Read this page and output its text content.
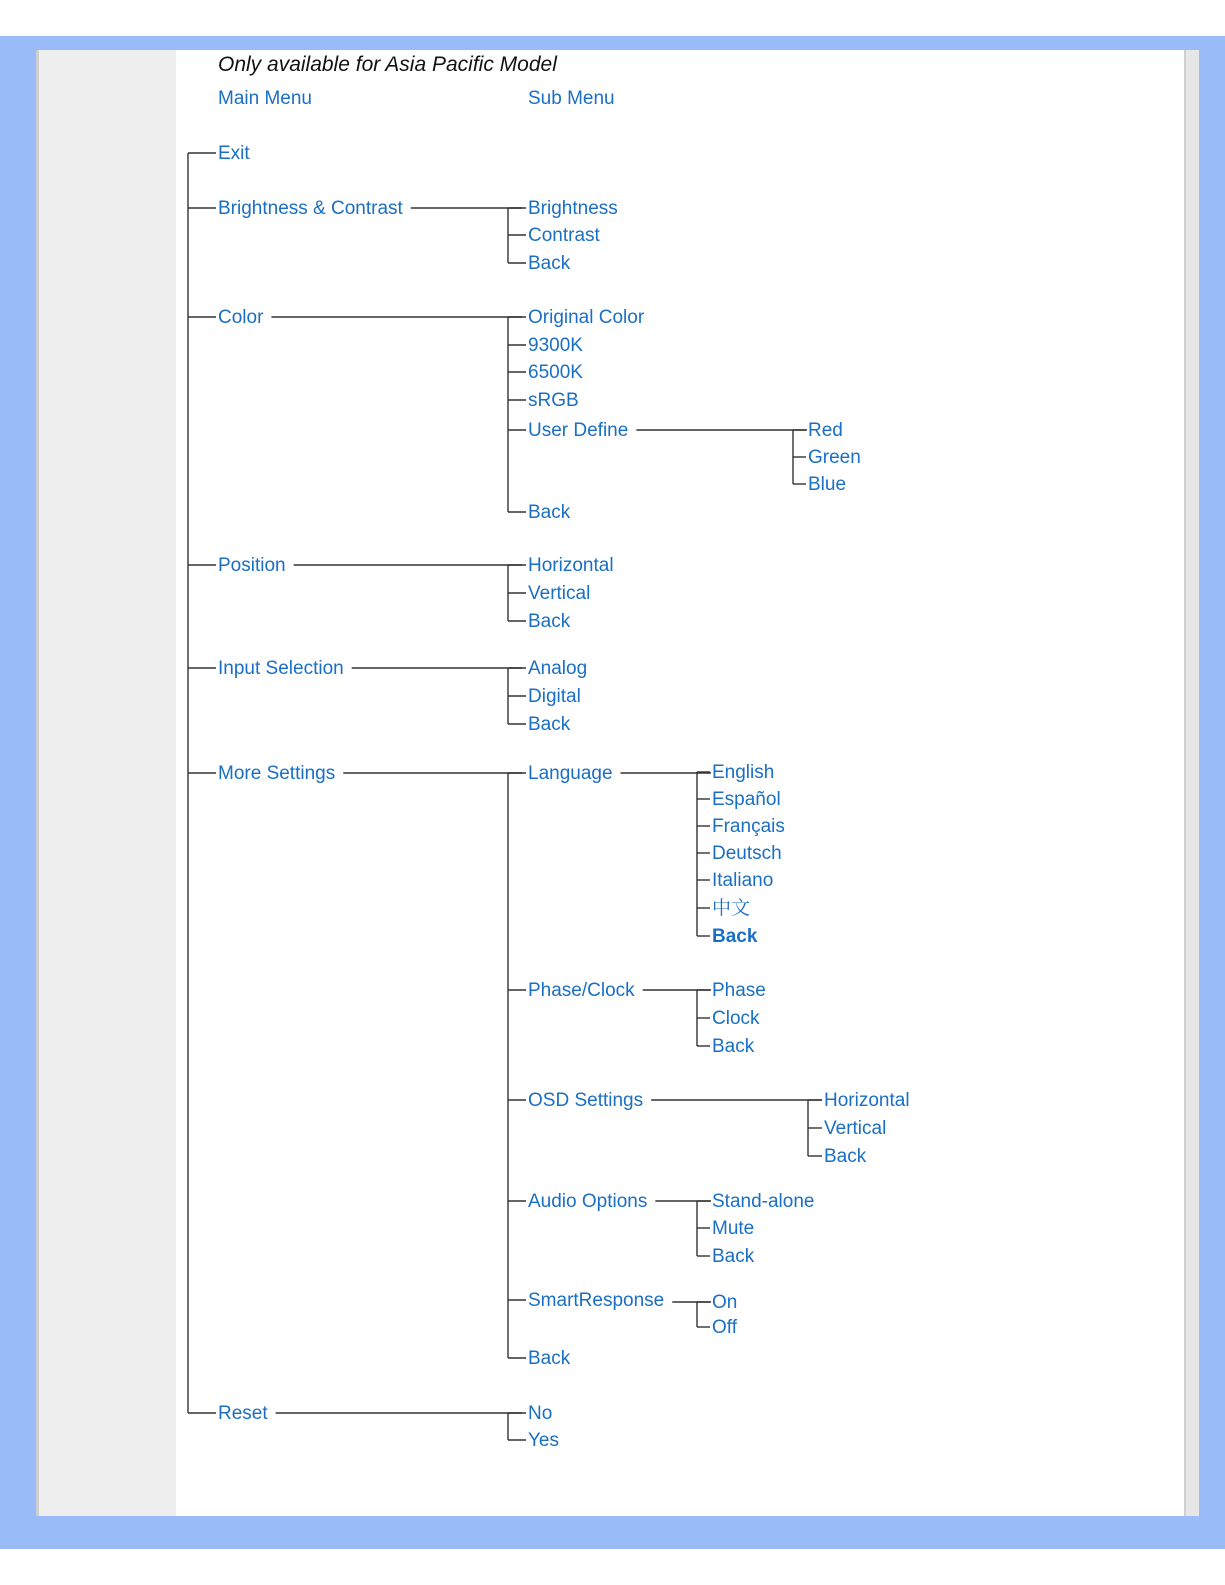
Only available for Asia Pacific Model
Main Menu	Sub Menu
Exit
Brightness & Contrast
Color
Position
Input Selection
More Settings
Reset
Brightness
Contrast
Back
Original Color
9300K
6500K
sRGB
User Define
Back
Red
Green
Blue
Horizontal
Vertical
Back
Analog
Digital
Back
Language
Phase/Clock
OSD Settings
Audio Options
SmartResponse
Back
English
Español
Français
Deutsch
Italiano
中文
Back
Phase
Clock
Back
Horizontal
Vertical
Back
Stand-alone
Mute
Back
On
Off
No
Yes
